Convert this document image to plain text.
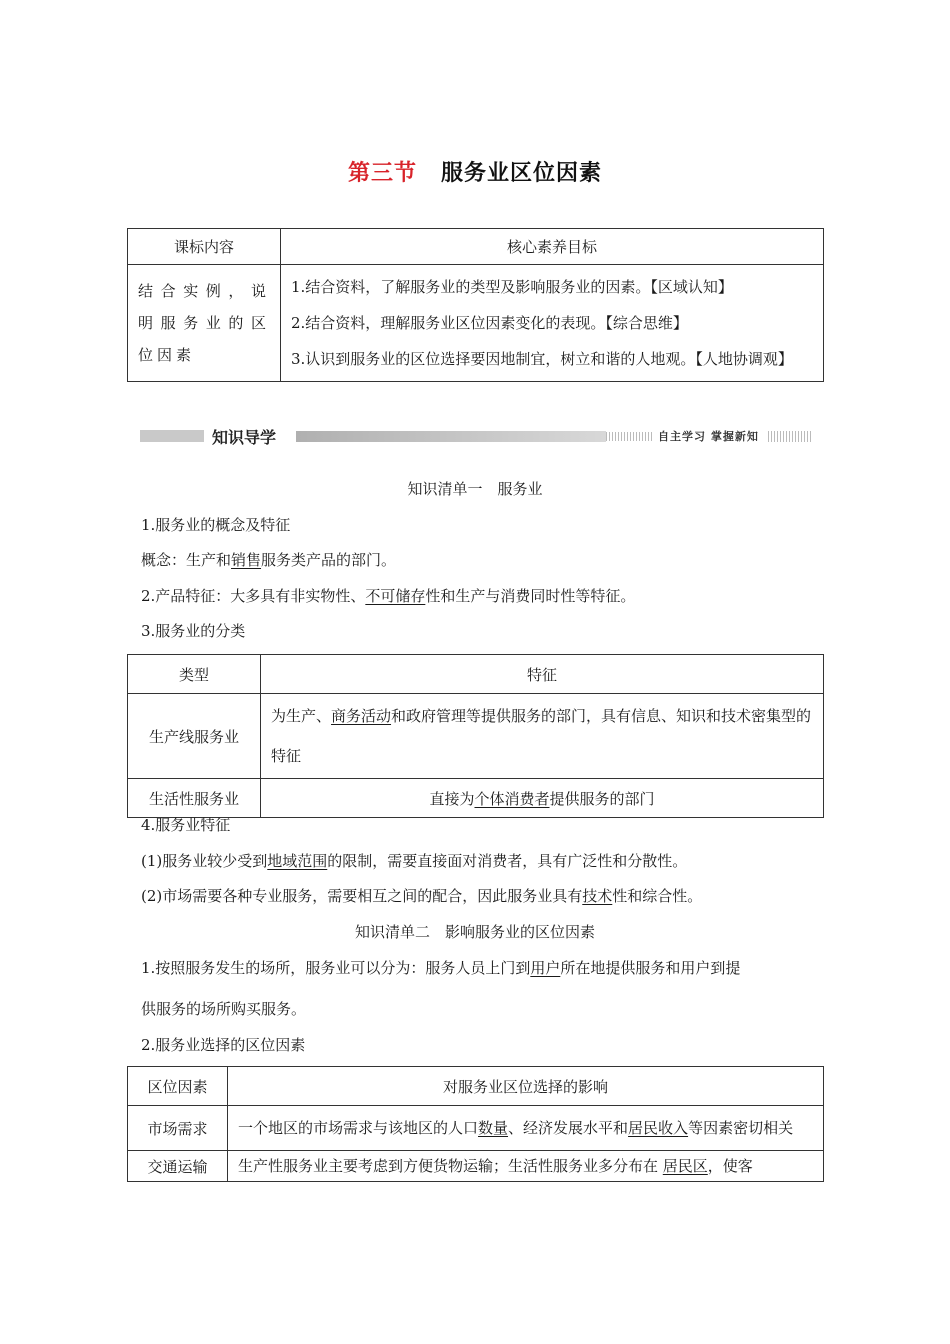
第三节 服务业区位因素
课标内容	核心素养目标
结合实例，说明服务业的区位因素	1.结合资料，了解服务业的类型及影响服务业的因素。【区域认知】
2.结合资料，理解服务业区位因素变化的表现。【综合思维】
3.认识到服务业的区位选择要因地制宜，树立和谐的人地观。【人地协调观】
知识导学	自主学习 掌握新知
知识清单一　服务业
1.服务业的概念及特征
概念：生产和销售服务类产品的部门。
2.产品特征：大多具有非实物性、不可储存性和生产与消费同时性等特征。
3.服务业的分类
类型	特征
生产线服务业	为生产、商务活动和政府管理等提供服务的部门，具有信息、知识和技术密集型的特征
生活性服务业	直接为个体消费者提供服务的部门
4.服务业特征
(1)服务业较少受到地域范围的限制，需要直接面对消费者，具有广泛性和分散性。
(2)市场需要各种专业服务，需要相互之间的配合，因此服务业具有技术性和综合性。
知识清单二　影响服务业的区位因素
1.按照服务发生的场所，服务业可以分为：服务人员上门到用户所在地提供服务和用户到提
供服务的场所购买服务。
2.服务业选择的区位因素
区位因素	对服务业区位选择的影响
市场需求	一个地区的市场需求与该地区的人口数量、经济发展水平和居民收入等因素密切相关
交通运输	生产性服务业主要考虑到方便货物运输；生活性服务业多分布在 居民区，使客
